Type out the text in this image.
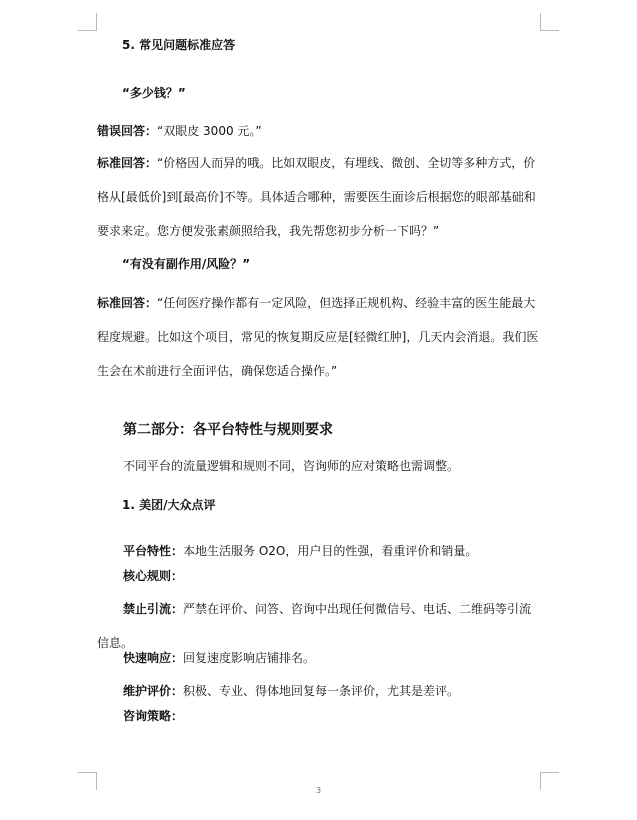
5. 常见问题标准应答
“多少钱？”
错误回答：“双眼皮 3000 元。”
标准回答：“价格因人而异的哦。比如双眼皮，有埋线、微创、全切等多种方式，价格从[最低价]到[最高价]不等。具体适合哪种，需要医生面诊后根据您的眼部基础和要求来定。您方便发张素颜照给我，我先帮您初步分析一下吗？”
“有没有副作用/风险？”
标准回答：“任何医疗操作都有一定风险，但选择正规机构、经验丰富的医生能最大程度规避。比如这个项目，常见的恢复期反应是[轻微红肿]，几天内会消退。我们医生会在术前进行全面评估，确保您适合操作。”
第二部分：各平台特性与规则要求
不同平台的流量逻辑和规则不同，咨询师的应对策略也需调整。
1. 美团/大众点评
平台特性：本地生活服务 O2O，用户目的性强，看重评价和销量。
核心规则：
禁止引流：严禁在评价、问答、咨询中出现任何微信号、电话、二维码等引流信息。
快速响应：回复速度影响店铺排名。
维护评价：积极、专业、得体地回复每一条评价，尤其是差评。
咨询策略：
3
